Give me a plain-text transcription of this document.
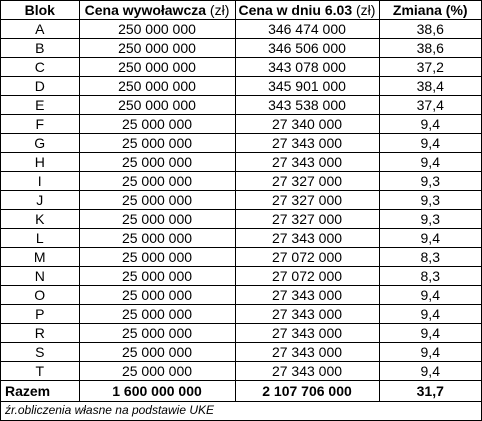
Blok	Cena wywoławcza (zł)	Cena w dniu 6.03 (zł)	Zmiana (%)
A	250 000 000	346 474 000	38,6
B	250 000 000	346 506 000	38,6
C	250 000 000	343 078 000	37,2
D	250 000 000	345 901 000	38,4
E	250 000 000	343 538 000	37,4
F	25 000 000	27 340 000	9,4
G	25 000 000	27 343 000	9,4
H	25 000 000	27 343 000	9,4
I	25 000 000	27 327 000	9,3
J	25 000 000	27 327 000	9,3
K	25 000 000	27 327 000	9,3
L	25 000 000	27 343 000	9,4
M	25 000 000	27 072 000	8,3
N	25 000 000	27 072 000	8,3
O	25 000 000	27 343 000	9,4
P	25 000 000	27 343 000	9,4
R	25 000 000	27 343 000	9,4
S	25 000 000	27 343 000	9,4
T	25 000 000	27 343 000	9,4
Razem	1 600 000 000	2 107 706 000	31,7
źr.obliczenia własne na podstawie UKE
